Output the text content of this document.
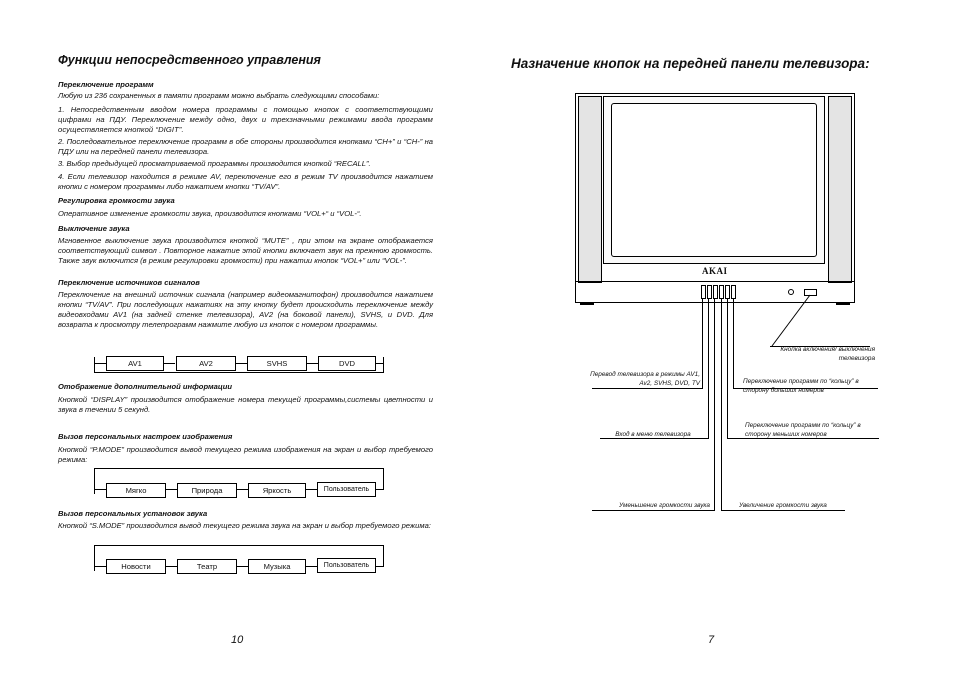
Функции непосредственного управления
Переключение программ
Любую из 236 сохраненных в памяти программ можно выбрать следующими способами:
1. Непосредственным вводом номера программы с помощью кнопок с соответствующими цифрами на ПДУ. Переключение между одно, двух и трехзначными режимами ввода программ осуществляется кнопкой “DIGIT”.
2. Последовательное переключение программ в обе стороны производится кнопками “CH+” и “CH-” на ПДУ или на передней панели телевизора.
3. Выбор предыдущей просматриваемой программы производится кнопкой “RECALL”.
4. Если телевизор находится в режиме AV, переключение его в режим TV производится нажатием кнопки с номером программы либо нажатием кнопки “TV/AV”.
Регулировка громкости звука
Оперативное изменение громкости звука, производится кнопками “VOL+“ и “VOL-“.
Выключение звука
Мгновенное выключение звука производится кнопкой “MUTE” , при этом на экране отображается соответствующий символ . Повторное нажатие этой кнопки включает звук на прежнюю громкость. Также звук включится (в режим регулировки громкости) при нажатии кнопок “VOL+” или “VOL-”.
Переключение источников сигналов
Переключение на внешний источник сигнала (например видеомагнитофон) производится нажатием кнопки “TV/AV”. При последующих нажатиях на эту кнопку будет происходить переключение между видеовходами AV1 (на задней стенке телевизора), AV2 (на боковой панели), SVHS, и DVD. Для возврата к просмотру телепрограмм нажмите любую из кнопок с номером программы.
AV1	AV2	SVHS	DVD
Отображение дополнительной информации
Кнопкой “DISPLAY” производится отображение номера текущей программы,системы цветности и звука в течении 5 секунд.
Вызов персональных настроек изображения
Кнопкой “P.MODE” производится вывод текущего режима изображения на экран и выбор требуемого режима:
Мягко	Природа	Яркость	Пользователь
Вызов персональных установок звука
Кнопкой “S.MODE” производится вывод текущего режима звука на экран и выбор требуемого режима:
Новости	Театр	Музыка	Пользователь
10
Назначение кнопок на передней панели телевизора:
AKAI
Кнопка включения/ выключения телевизора
Перевод телевизора в режимы AV1, Av2, SVHS, DVD, TV	Переключение программ по “кольцу” в сторону больших номеров
Вход в меню телевизора
Переключение программ по “кольцу” в сторону меньших номеров
Уменьшение громкости звука	Увеличение громкости звука
7
